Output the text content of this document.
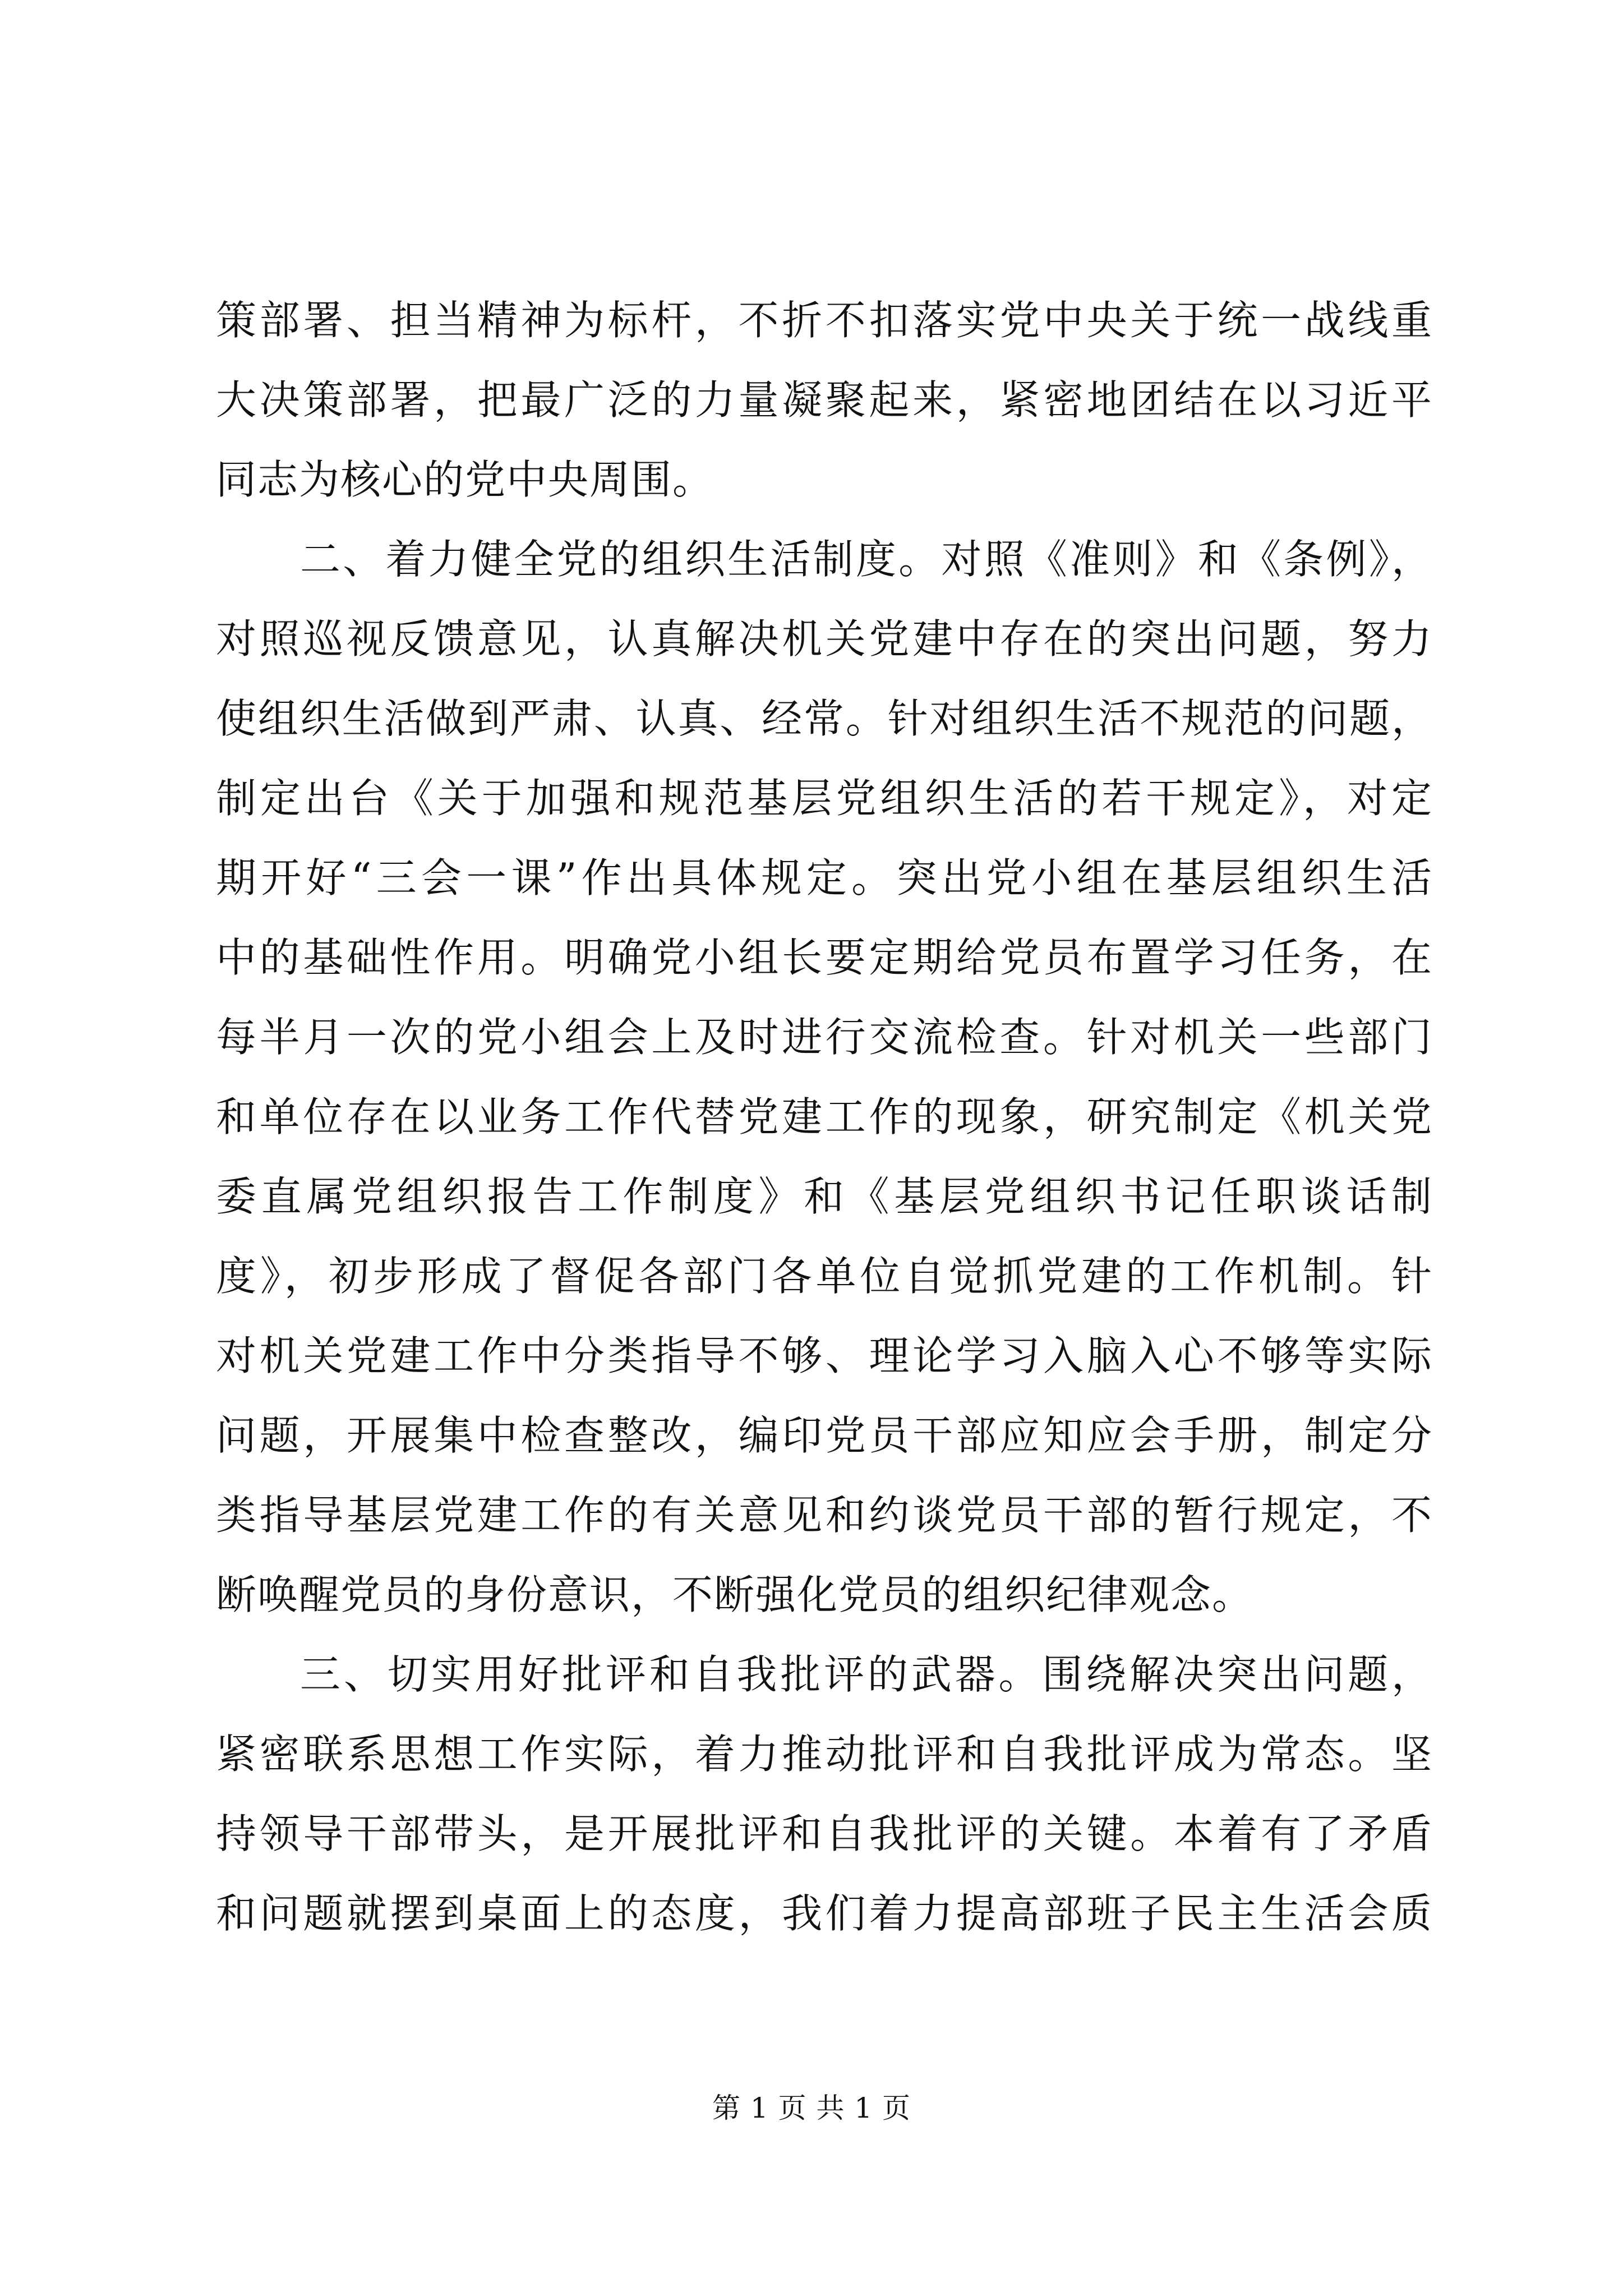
策部署、担当精神为标杆，不折不扣落实党中央关于统一战线重
大决策部署，把最广泛的力量凝聚起来，紧密地团结在以习近平
同志为核心的党中央周围。
二、着力健全党的组织生活制度。对照《准则》和《条例》，
对照巡视反馈意见，认真解决机关党建中存在的突出问题，努力
使组织生活做到严肃、认真、经常。针对组织生活不规范的问题，
制定出台《关于加强和规范基层党组织生活的若干规定》，对定
期开好“三会一课”作出具体规定。突出党小组在基层组织生活
中的基础性作用。明确党小组长要定期给党员布置学习任务，在
每半月一次的党小组会上及时进行交流检查。针对机关一些部门
和单位存在以业务工作代替党建工作的现象，研究制定《机关党
委直属党组织报告工作制度》和《基层党组织书记任职谈话制
度》，初步形成了督促各部门各单位自觉抓党建的工作机制。针
对机关党建工作中分类指导不够、理论学习入脑入心不够等实际
问题，开展集中检查整改，编印党员干部应知应会手册，制定分
类指导基层党建工作的有关意见和约谈党员干部的暂行规定，不
断唤醒党员的身份意识，不断强化党员的组织纪律观念。
三、切实用好批评和自我批评的武器。围绕解决突出问题，
紧密联系思想工作实际，着力推动批评和自我批评成为常态。坚
持领导干部带头，是开展批评和自我批评的关键。本着有了矛盾
和问题就摆到桌面上的态度，我们着力提高部班子民主生活会质
第 1 页 共 1 页
